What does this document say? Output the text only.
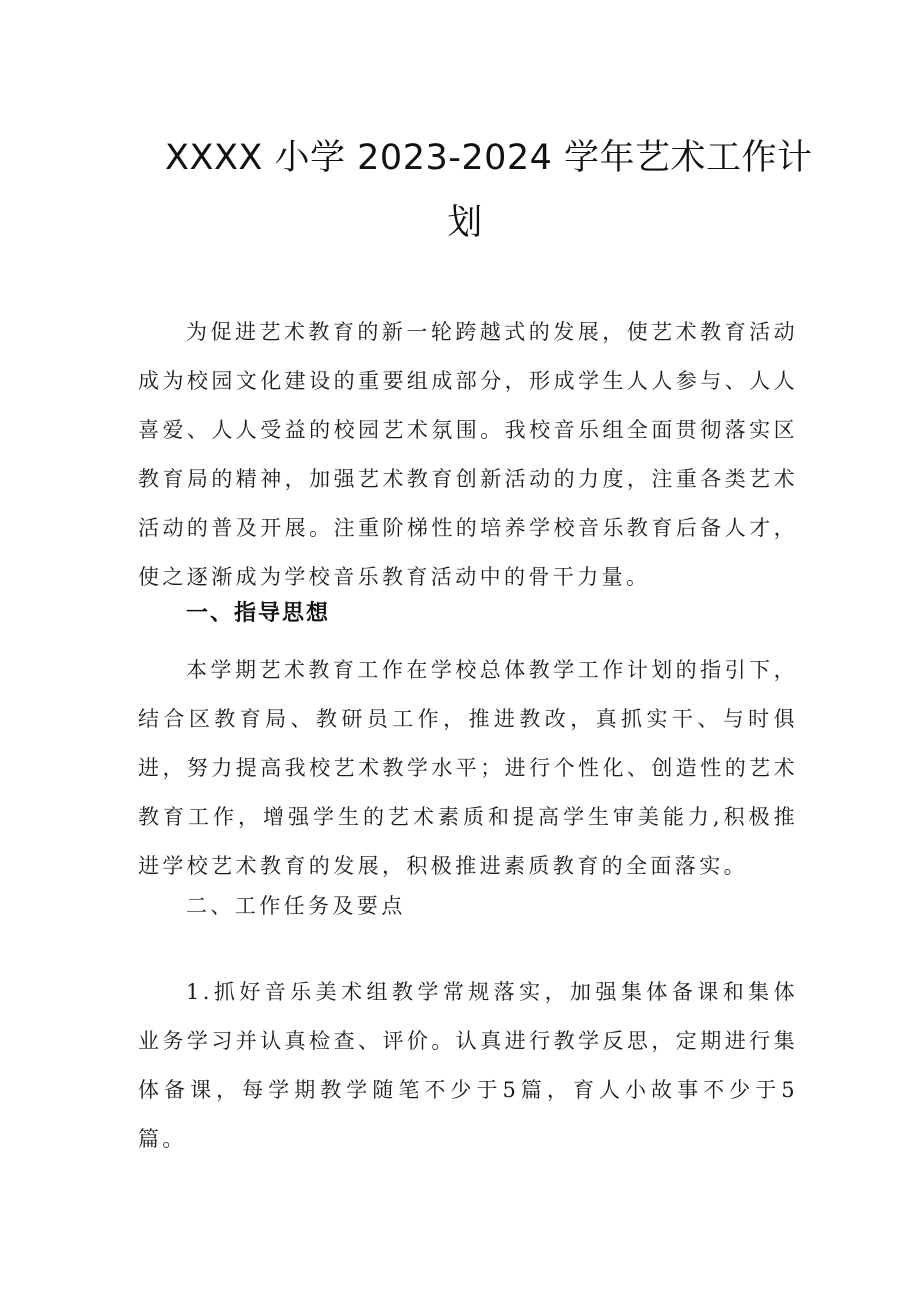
XXXX 小学 2023-2024 学年艺术工作计
划

为促进艺术教育的新一轮跨越式的发展，使艺术教育活动成为校园文化建设的重要组成部分，形成学生人人参与、人人喜爱、人人受益的校园艺术氛围。我校音乐组全面贯彻落实区教育局的精神，加强艺术教育创新活动的力度，注重各类艺术活动的普及开展。注重阶梯性的培养学校音乐教育后备人才，使之逐渐成为学校音乐教育活动中的骨干力量。

一、指导思想

本学期艺术教育工作在学校总体教学工作计划的指引下，结合区教育局、教研员工作，推进教改，真抓实干、与时俱进，努力提高我校艺术教学水平；进行个性化、创造性的艺术教育工作，增强学生的艺术素质和提高学生审美能力,积极推进学校艺术教育的发展，积极推进素质教育的全面落实。

二、工作任务及要点

1.抓好音乐美术组教学常规落实，加强集体备课和集体业务学习并认真检查、评价。认真进行教学反思，定期进行集体备课，每学期教学随笔不少于5篇，育人小故事不少于5篇。
